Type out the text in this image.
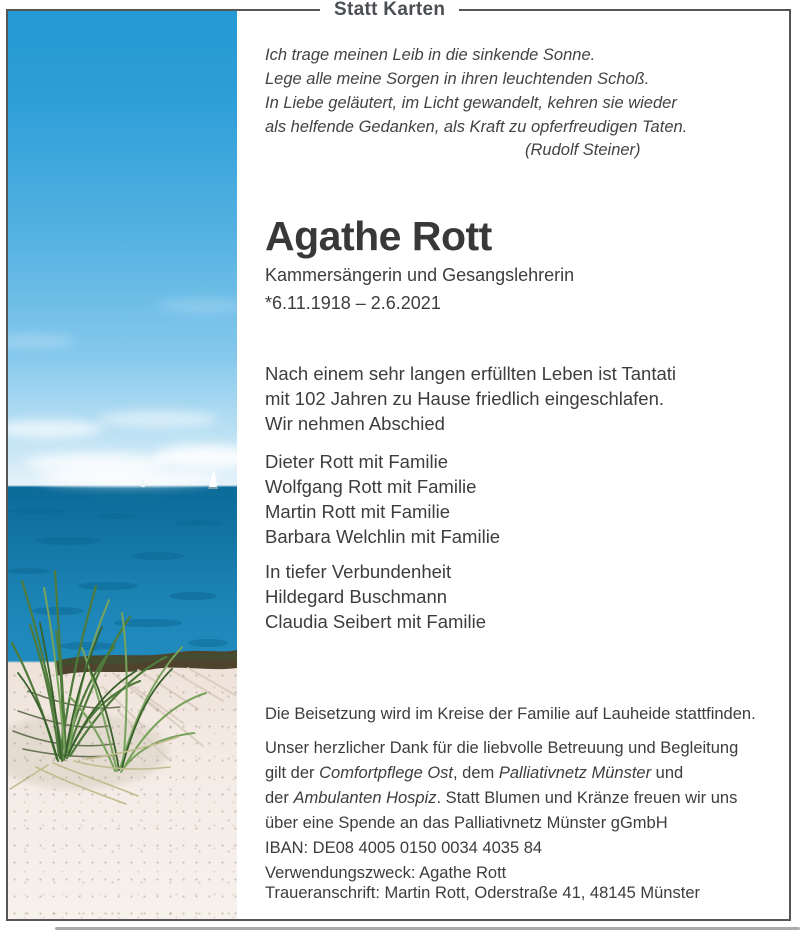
Statt Karten
Ich trage meinen Leib in die sinkende Sonne.
Lege alle meine Sorgen in ihren leuchtenden Schoß.
In Liebe geläutert, im Licht gewandelt, kehren sie wieder
als helfende Gedanken, als Kraft zu opferfreudigen Taten.
(Rudolf Steiner)
Agathe Rott
Kammersängerin und Gesangslehrerin
*6.11.1918 – 2.6.2021
Nach einem sehr langen erfüllten Leben ist Tantati
mit 102 Jahren zu Hause friedlich eingeschlafen.
Wir nehmen Abschied
Dieter Rott mit Familie
Wolfgang Rott mit Familie
Martin Rott mit Familie
Barbara Welchlin mit Familie
In tiefer Verbundenheit
Hildegard Buschmann
Claudia Seibert mit Familie
Die Beisetzung wird im Kreise der Familie auf Lauheide stattfinden.
Unser herzlicher Dank für die liebvolle Betreuung und Begleitung
gilt der Comfortpflege Ost, dem Palliativnetz Münster und
der Ambulanten Hospiz. Statt Blumen und Kränze freuen wir uns
über eine Spende an das Palliativnetz Münster gGmbH
IBAN: DE08 4005 0150 0034 4035 84
Verwendungszweck: Agathe Rott
Traueranschrift: Martin Rott, Oderstraße 41, 48145 Münster
